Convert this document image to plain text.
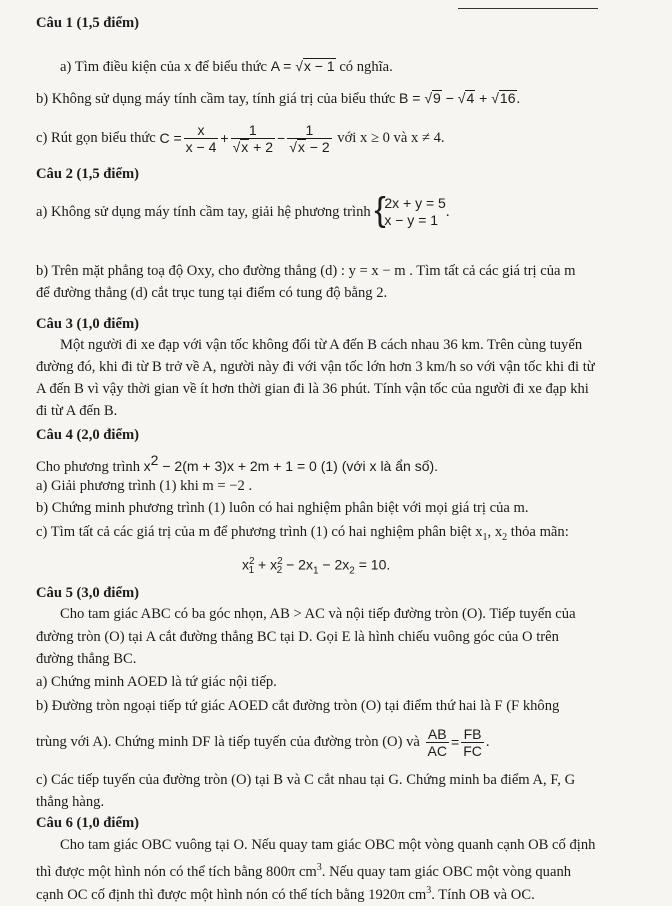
Câu 1 (1,5 điểm)
a) Tìm điều kiện của x để biểu thức A = √x − 1 có nghĩa.
b) Không sử dụng máy tính cầm tay, tính giá trị của biểu thức B = √9 − √4 + √16.
c) Rút gọn biểu thức
$C = \frac{x}{x - 4} + \frac{1}{√x + 2} - \frac{1}{√x - 2}$
với x ≥ 0 và x ≠ 4.
Câu 2 (1,5 điểm)
a) Không sử dụng máy tính cầm tay, giải hệ phương trình
{
2x + y = 5
x − y = 1 .
b) Trên mặt phẳng toạ độ Oxy, cho đường thẳng (d) : y = x − m . Tìm tất cả các giá trị của m
để đường thẳng (d) cắt trục tung tại điểm có tung độ bằng 2.
Câu 3 (1,0 điểm)
Một người đi xe đạp với vận tốc không đổi từ A đến B cách nhau 36 km. Trên cùng tuyến
đường đó, khi đi từ B trở về A, người này đi với vận tốc lớn hơn 3 km/h so với vận tốc khi đi từ
A đến B vì vậy thời gian về ít hơn thời gian đi là 36 phút. Tính vận tốc của người đi xe đạp khi
đi từ A đến B.
Câu 4 (2,0 điểm)
Cho phương trình $x^2 - 2(m + 3)x + 2m + 1 = 0$ (1) (với x là ẩn số).
a) Giải phương trình (1) khi m = −2 .
b) Chứng minh phương trình (1) luôn có hai nghiệm phân biệt với mọi giá trị của m.
c) Tìm tất cả các giá trị của m để phương trình (1) có hai nghiệm phân biệt $x_1$, $x_2$ thỏa mãn:
$x^2_1 + x^2_2 - 2x_1 - 2x_2 = 10$.
Câu 5 (3,0 điểm)
Cho tam giác ABC có ba góc nhọn, AB > AC và nội tiếp đường tròn (O). Tiếp tuyến của
đường tròn (O) tại A cắt đường thẳng BC tại D. Gọi E là hình chiếu vuông góc của O trên
đường thẳng BC.
a) Chứng minh AOED là tứ giác nội tiếp.
b) Đường tròn ngoại tiếp tứ giác AOED cắt đường tròn (O) tại điểm thứ hai là F (F không
trùng với A). Chứng minh DF là tiếp tuyến của đường tròn (O) và
$\frac{AB}{AC} = \frac{FB}{FC}$ .
c) Các tiếp tuyến của đường tròn (O) tại B và C cắt nhau tại G. Chứng minh ba điểm A, F, G
thẳng hàng.
Câu 6 (1,0 điểm)
Cho tam giác OBC vuông tại O. Nếu quay tam giác OBC một vòng quanh cạnh OB cố định
thì được một hình nón có thể tích bằng 800π $cm^3$. Nếu quay tam giác OBC một vòng quanh
cạnh OC cố định thì được một hình nón có thể tích bằng 1920π $cm^3$. Tính OB và OC.
